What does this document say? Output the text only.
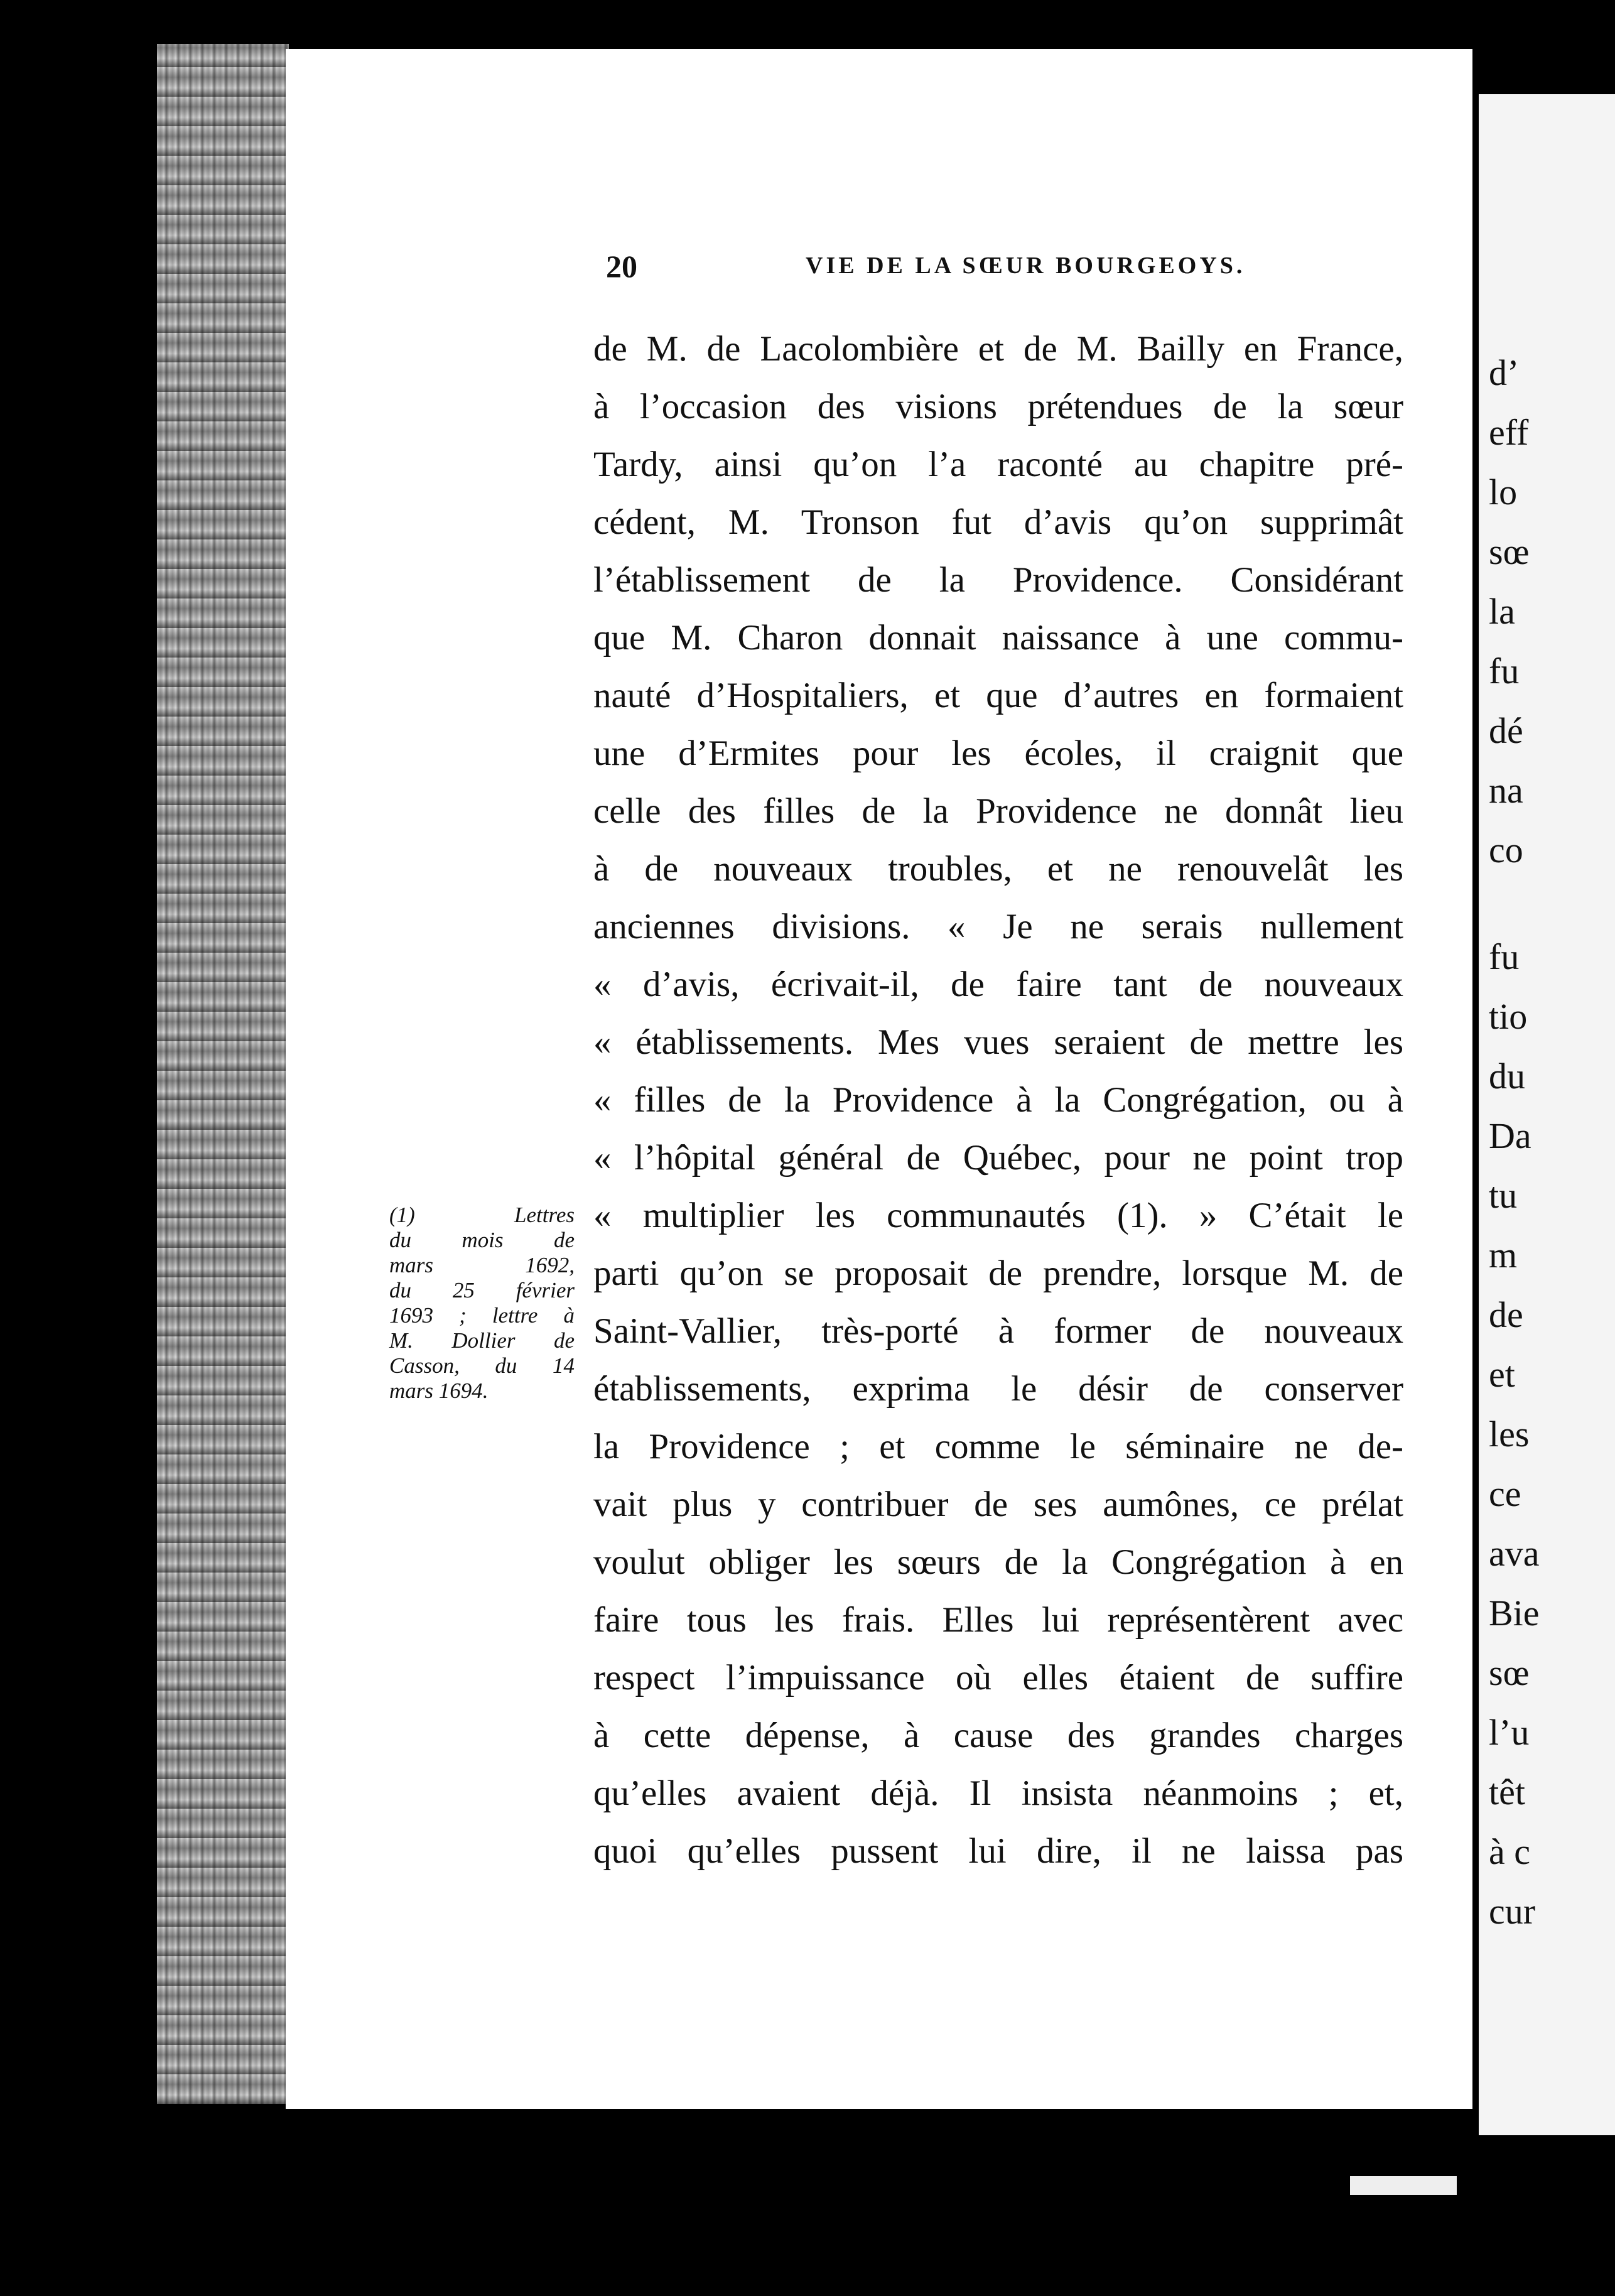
d’
eff
lo
sœ
la
fu
dé
na
co
fu
tio
du
Da
tu
m
de
et
les
ce
ava
Bie
sœ
l’u
têt
à c
cur
20	VIE DE LA SŒUR BOURGEOYS.
de M. de Lacolombière et de M. Bailly en France,
à l’occasion des visions prétendues de la sœur
Tardy, ainsi qu’on l’a raconté au chapitre pré-
cédent, M. Tronson fut d’avis qu’on supprimât
l’établissement de la Providence. Considérant
que M. Charon donnait naissance à une commu-
nauté d’Hospitaliers, et que d’autres en formaient
une d’Ermites pour les écoles, il craignit que
celle des filles de la Providence ne donnât lieu
à de nouveaux troubles, et ne renouvelât les
anciennes divisions. « Je ne serais nullement
« d’avis, écrivait-il, de faire tant de nouveaux
« établissements. Mes vues seraient de mettre les
« filles de la Providence à la Congrégation, ou à
« l’hôpital général de Québec, pour ne point trop
« multiplier les communautés (1). » C’était le
parti qu’on se proposait de prendre, lorsque M. de
Saint-Vallier, très-porté à former de nouveaux
établissements, exprima le désir de conserver
la Providence ; et comme le séminaire ne de-
vait plus y contribuer de ses aumônes, ce prélat
voulut obliger les sœurs de la Congrégation à en
faire tous les frais. Elles lui représentèrent avec
respect l’impuissance où elles étaient de suffire
à cette dépense, à cause des grandes charges
qu’elles avaient déjà. Il insista néanmoins ; et,
quoi qu’elles pussent lui dire, il ne laissa pas
(1) Lettres
du mois de
mars 1692,
du 25 février
1693 ; lettre à
M. Dollier de
Casson, du 14
mars 1694.
